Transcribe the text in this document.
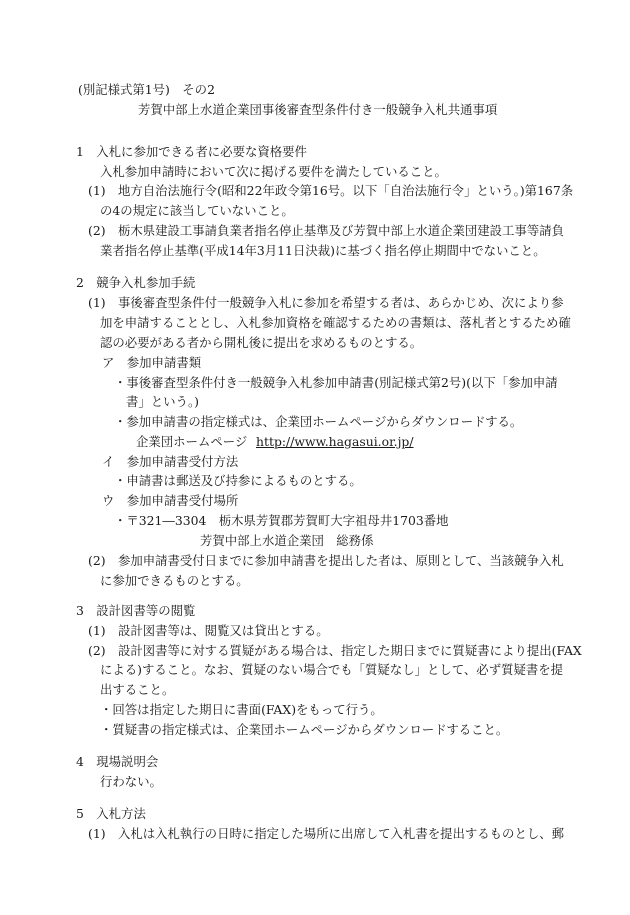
(別記様式第1号)　その2
芳賀中部上水道企業団事後審査型条件付き一般競争入札共通事項
1　入札に参加できる者に必要な資格要件
入札参加申請時において次に掲げる要件を満たしていること。
(1)　地方自治法施行令(昭和22年政令第16号。以下「自治法施行令」という。)第167条
の4の規定に該当していないこと。
(2)　栃木県建設工事請負業者指名停止基準及び芳賀中部上水道企業団建設工事等請負
業者指名停止基準(平成14年3月11日決裁)に基づく指名停止期間中でないこと。
2　競争入札参加手続
(1)　事後審査型条件付一般競争入札に参加を希望する者は、あらかじめ、次により参
加を申請することとし、入札参加資格を確認するための書類は、落札者とするため確
認の必要がある者から開札後に提出を求めるものとする。
ア　参加申請書類
・事後審査型条件付き一般競争入札参加申請書(別記様式第2号)(以下「参加申請
書」という。)
・参加申請書の指定様式は、企業団ホームページからダウンロードする。
企業団ホームページ http://www.hagasui.or.jp/
イ　参加申請書受付方法
・申請書は郵送及び持参によるものとする。
ウ　参加申請書受付場所
・〒321―3304　栃木県芳賀郡芳賀町大字祖母井1703番地
芳賀中部上水道企業団　総務係
(2)　参加申請書受付日までに参加申請書を提出した者は、原則として、当該競争入札
に参加できるものとする。
3　設計図書等の閲覧
(1)　設計図書等は、閲覧又は貸出とする。
(2)　設計図書等に対する質疑がある場合は、指定した期日までに質疑書により提出(FAX
による)すること。なお、質疑のない場合でも「質疑なし」として、必ず質疑書を提
出すること。
・回答は指定した期日に書面(FAX)をもって行う。
・質疑書の指定様式は、企業団ホームページからダウンロードすること。
4　現場説明会
行わない。
5　入札方法
(1)　入札は入札執行の日時に指定した場所に出席して入札書を提出するものとし、郵
